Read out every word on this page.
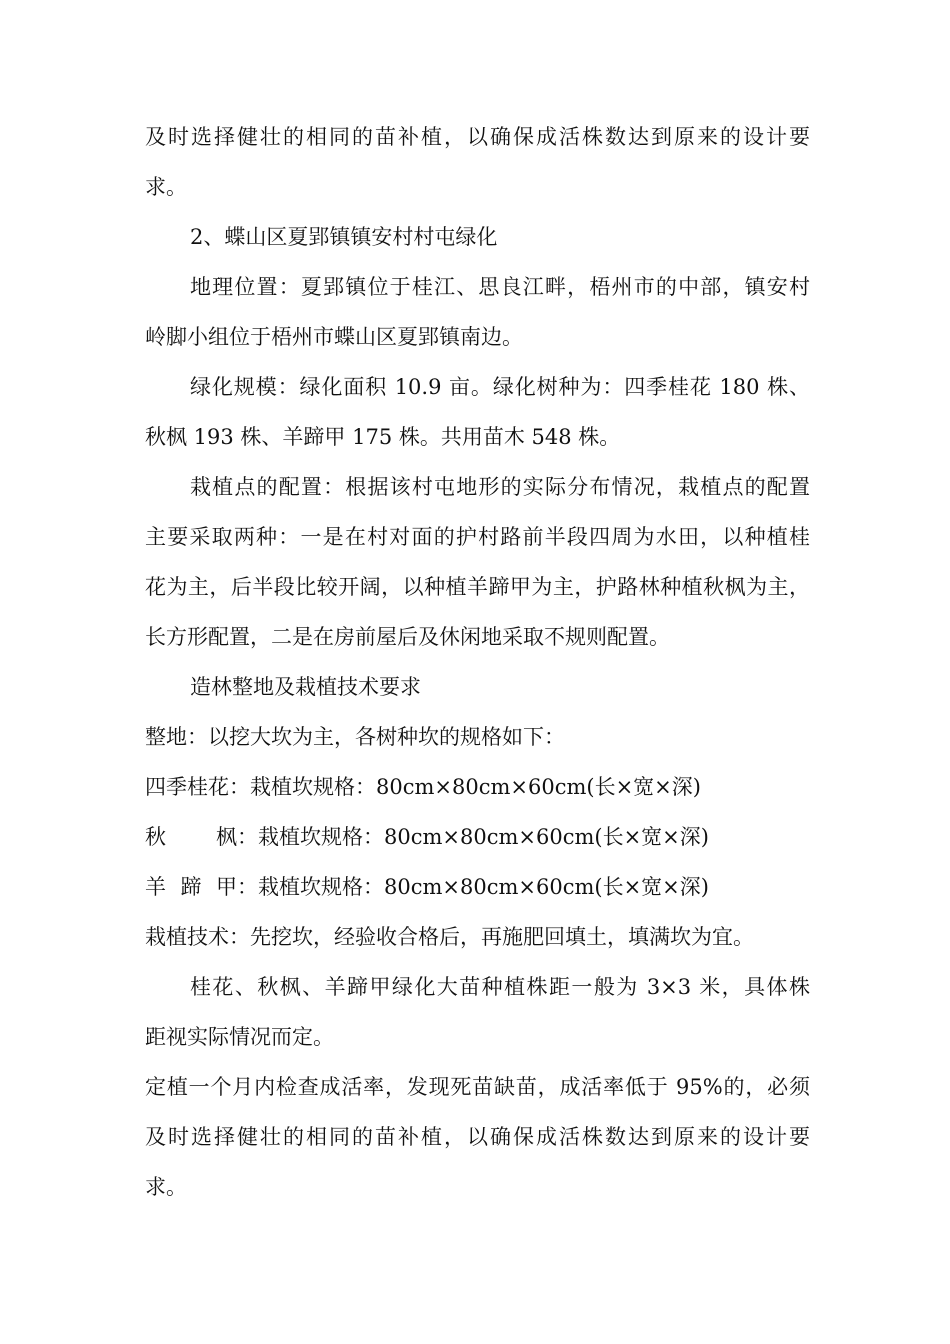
及时选择健壮的相同的苗补植，以确保成活株数达到原来的设计要
求。
2、蝶山区夏郢镇镇安村村屯绿化
地理位置：夏郢镇位于桂江、思良江畔，梧州市的中部，镇安村
岭脚小组位于梧州市蝶山区夏郢镇南边。
绿化规模：绿化面积 10.9 亩。绿化树种为：四季桂花 180 株、
秋枫 193 株、羊蹄甲 175 株。共用苗木 548 株。
栽植点的配置：根据该村屯地形的实际分布情况，栽植点的配置
主要采取两种：一是在村对面的护村路前半段四周为水田，以种植桂
花为主，后半段比较开阔，以种植羊蹄甲为主，护路林种植秋枫为主，
长方形配置，二是在房前屋后及休闲地采取不规则配置。
造林整地及栽植技术要求
整地：以挖大坎为主，各树种坎的规格如下：
四季桂花：栽植坎规格：80cm×80cm×60cm(长×宽×深)
秋枫：栽植坎规格：80cm×80cm×60cm(长×宽×深)
羊蹄甲：栽植坎规格：80cm×80cm×60cm(长×宽×深)
栽植技术：先挖坎，经验收合格后，再施肥回填土，填满坎为宜。
桂花、秋枫、羊蹄甲绿化大苗种植株距一般为 3×3 米，具体株
距视实际情况而定。
定植一个月内检查成活率，发现死苗缺苗，成活率低于 95%的，必须
及时选择健壮的相同的苗补植，以确保成活株数达到原来的设计要
求。
